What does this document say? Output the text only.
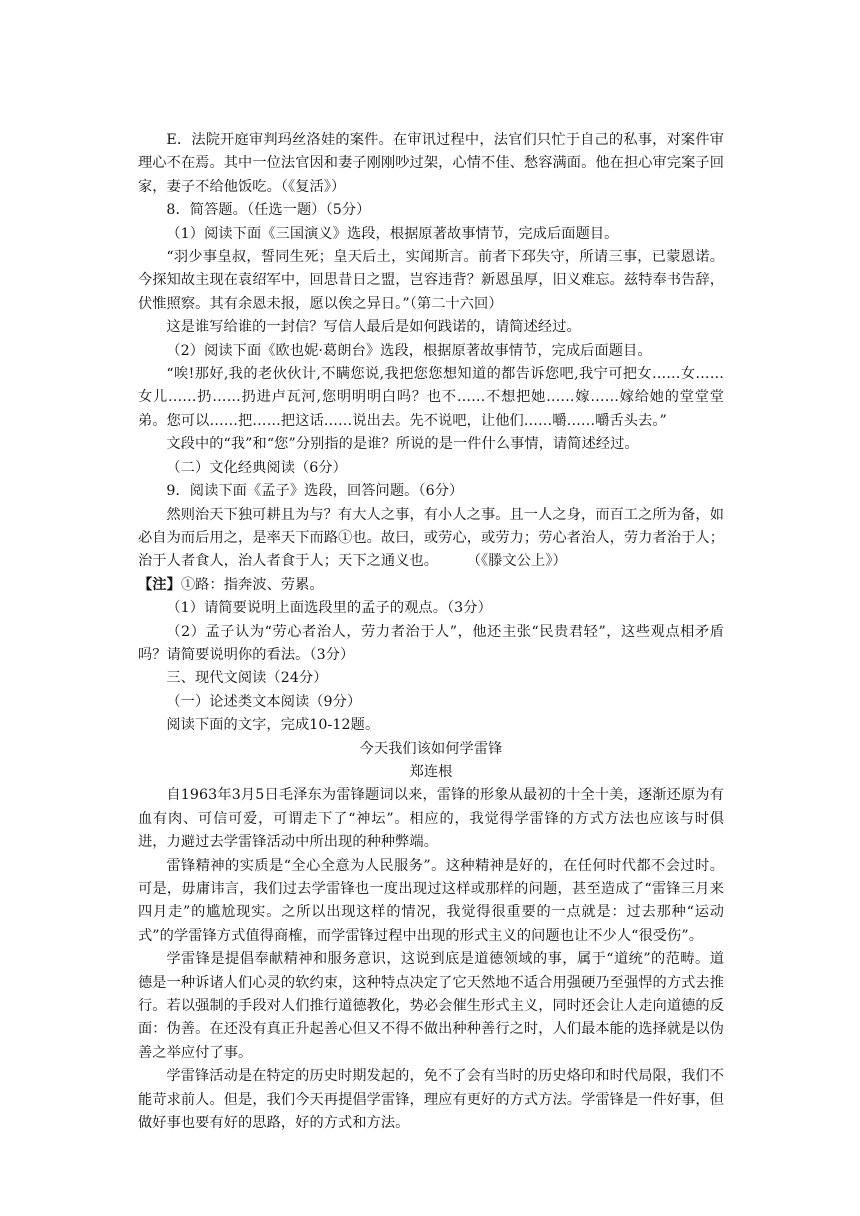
E．法院开庭审判玛丝洛娃的案件。在审讯过程中，法官们只忙于自己的私事，对案件审理心不在焉。其中一位法官因和妻子刚刚吵过架，心情不佳、愁容满面。他在担心审完案子回家，妻子不给他饭吃。（《复活》）

8．简答题。（任选一题）（5分）

（1）阅读下面《三国演义》选段，根据原著故事情节，完成后面题目。

“羽少事皇叔，誓同生死；皇天后土，实闻斯言。前者下邳失守，所请三事，已蒙恩诺。今探知故主现在袁绍军中，回思昔日之盟，岂容违背？新恩虽厚，旧义难忘。兹特奉书告辞，伏惟照察。其有余恩未报，愿以俟之异日。”（第二十六回）

这是谁写给谁的一封信？写信人最后是如何践诺的，请简述经过。

（2）阅读下面《欧也妮·葛朗台》选段，根据原著故事情节，完成后面题目。

“唉!那好,我的老伙伙计,不瞒您说,我把您您想知道的都告诉您吧,我宁可把女……女……女儿……扔……扔进卢瓦河,您明明明白吗？也不……不想把她……嫁……嫁给她的堂堂堂弟。您可以……把……把这话……说出去。先不说吧，让他们……嚼……嚼舌头去。”

文段中的“我”和“您”分别指的是谁？所说的是一件什么事情，请简述经过。

（二）文化经典阅读（6分）

9．阅读下面《孟子》选段，回答问题。（6分）

然则治天下独可耕且为与？有大人之事，有小人之事。且一人之身，而百工之所为备，如必自为而后用之，是率天下而路①也。故曰，或劳心，或劳力；劳心者治人，劳力者治于人；治于人者食人，治人者食于人；天下之通义也。　　　（《滕文公上》）

【注】①路：指奔波、劳累。

（1）请简要说明上面选段里的孟子的观点。（3分）

（2）孟子认为“劳心者治人，劳力者治于人”，他还主张“民贵君轻”，这些观点相矛盾吗？请简要说明你的看法。（3分）

三、现代文阅读（24分）

（一）论述类文本阅读（9分）

阅读下面的文字，完成10-12题。

今天我们该如何学雷锋

郑连根

自1963年3月5日毛泽东为雷锋题词以来，雷锋的形象从最初的十全十美，逐渐还原为有血有肉、可信可爱，可谓走下了“神坛”。相应的，我觉得学雷锋的方式方法也应该与时俱进，力避过去学雷锋活动中所出现的种种弊端。

雷锋精神的实质是“全心全意为人民服务”。这种精神是好的，在任何时代都不会过时。可是，毋庸讳言，我们过去学雷锋也一度出现过这样或那样的问题，甚至造成了“雷锋三月来四月走”的尴尬现实。之所以出现这样的情况，我觉得很重要的一点就是：过去那种“运动式”的学雷锋方式值得商榷，而学雷锋过程中出现的形式主义的问题也让不少人“很受伤”。

学雷锋是提倡奉献精神和服务意识，这说到底是道德领域的事，属于“道统”的范畴。道德是一种诉诸人们心灵的软约束，这种特点决定了它天然地不适合用强硬乃至强悍的方式去推行。若以强制的手段对人们推行道德教化，势必会催生形式主义，同时还会让人走向道德的反面：伪善。在还没有真正升起善心但又不得不做出种种善行之时，人们最本能的选择就是以伪善之举应付了事。

学雷锋活动是在特定的历史时期发起的，免不了会有当时的历史烙印和时代局限，我们不能苛求前人。但是，我们今天再提倡学雷锋，理应有更好的方式方法。学雷锋是一件好事，但做好事也要有好的思路，好的方式和方法。
